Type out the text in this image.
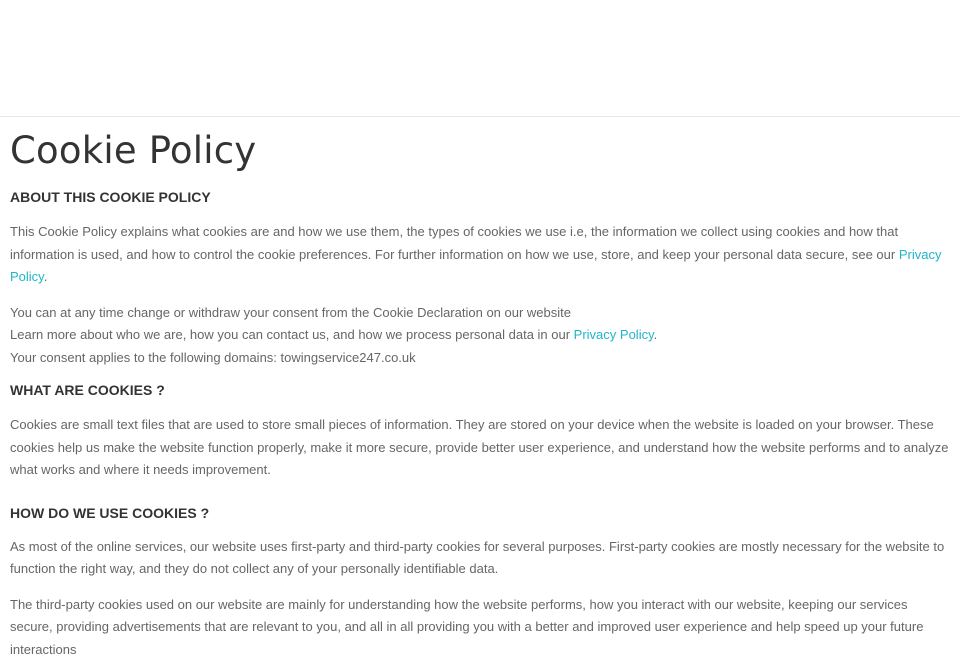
Cookie Policy
ABOUT THIS COOKIE POLICY

This Cookie Policy explains what cookies are and how we use them, the types of cookies we use i.e, the information we collect using cookies and how that information is used, and how to control the cookie preferences. For further information on how we use, store, and keep your personal data secure, see our Privacy Policy.

You can at any time change or withdraw your consent from the Cookie Declaration on our website
Learn more about who we are, how you can contact us, and how we process personal data in our Privacy Policy.
Your consent applies to the following domains: towingservice247.co.uk

WHAT ARE COOKIES ?

Cookies are small text files that are used to store small pieces of information. They are stored on your device when the website is loaded on your browser. These cookies help us make the website function properly, make it more secure, provide better user experience, and understand how the website performs and to analyze what works and where it needs improvement.

HOW DO WE USE COOKIES ?

As most of the online services, our website uses first-party and third-party cookies for several purposes. First-party cookies are mostly necessary for the website to function the right way, and they do not collect any of your personally identifiable data.

The third-party cookies used on our website are mainly for understanding how the website performs, how you interact with our website, keeping our services secure, providing advertisements that are relevant to you, and all in all providing you with a better and improved user experience and help speed up your future interactions
